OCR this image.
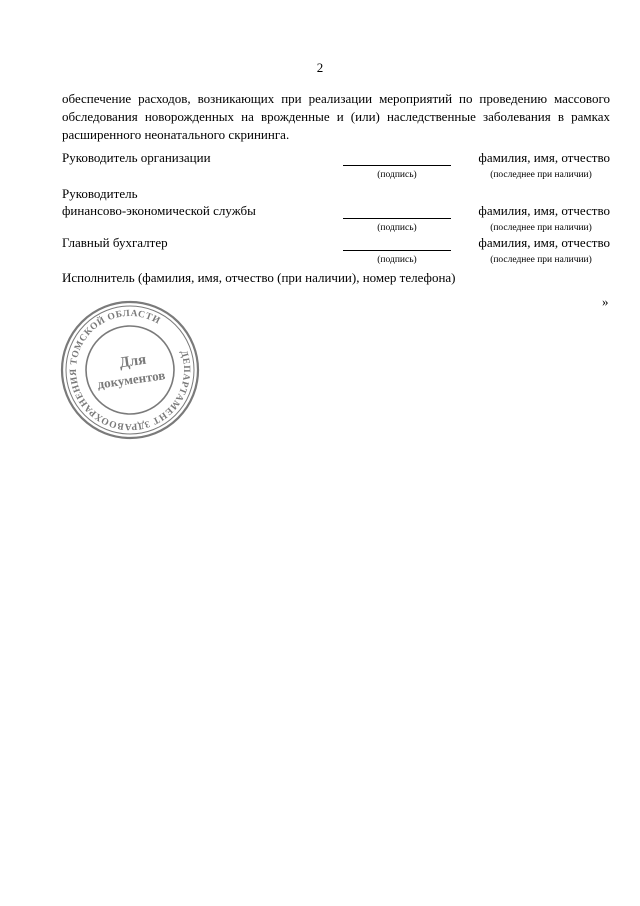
2

обеспечение расходов, возникающих при реализации мероприятий по проведению массового обследования новорожденных на врожденные и (или) наследственные заболевания в рамках расширенного неонатального скрининга.

Руководитель организации	фамилия, имя, отчество
(подпись)	(последнее при наличии)
Руководитель
финансово-экономической службы	фамилия, имя, отчество
(подпись)	(последнее при наличии)
Главный бухгалтер	фамилия, имя, отчество
(подпись)	(последнее при наличии)
Исполнитель (фамилия, имя, отчество (при наличии), номер телефона)
»
ДЕПАРТАМЕНТ ЗДРАВООХРАНЕНИЯ ТОМСКОЙ ОБЛАСТИ
Для
документов
